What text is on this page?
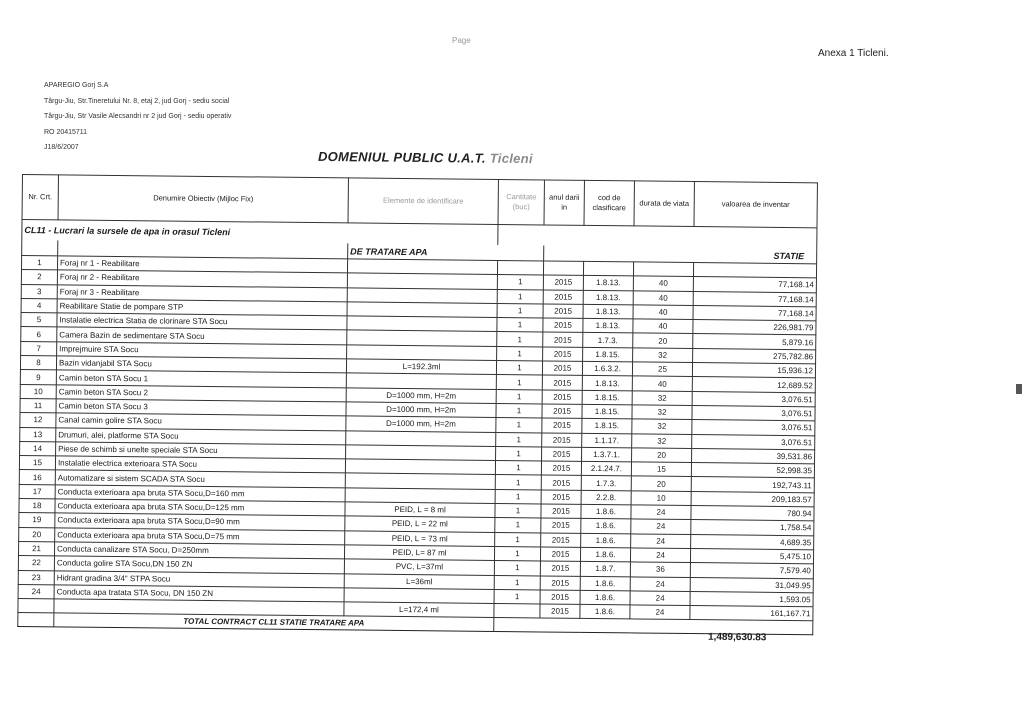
Page
Anexa 1 Ticleni.
APAREGIO Gorj S.A
Târgu-Jiu, Str.Tineretului Nr. 8, etaj 2, jud Gorj - sediu social
Târgu-Jiu, Str Vasile Alecsandri nr 2 jud Gorj - sediu operativ
RO 20415711
J18/6/2007
DOMENIUL PUBLIC U.A.T. Ticleni
Nr. Crt.	Denumire Obiectiv (Mijloc Fix)	Elemente de identificare	Cantitate (buc)	anul darii in	cod de clasificare	durata de viata	valoarea de inventar
CL11 - Lucrari la sursele de apa in orasul Ticleni							
		DE TRATARE APA		STATIE			
1	Foraj nr 1 - Reabilitare						
2	Foraj nr 2 - Reabilitare		1	2015	1.8.13.	40	77,168.14
3	Foraj nr 3 - Reabilitare		1	2015	1.8.13.	40	77,168.14
4	Reabilitare Statie de pompare STP		1	2015	1.8.13.	40	77,168.14
5	Instalatie electrica Statia de clorinare STA Socu		1	2015	1.8.13.	40	226,981.79
6	Camera Bazin de sedimentare STA Socu		1	2015	1.7.3.	20	5,879.16
7	Imprejmuire STA Socu		1	2015	1.8.15.	32	275,782.86
8	Bazin vidanjabil STA Socu	L=192.3ml	1	2015	1.6.3.2.	25	15,936.12
9	Camin beton STA Socu 1		1	2015	1.8.13.	40	12,689.52
10	Camin beton STA Socu 2	D=1000 mm, H=2m	1	2015	1.8.15.	32	3,076.51
11	Camin beton STA Socu 3	D=1000 mm, H=2m	1	2015	1.8.15.	32	3,076.51
12	Canal camin golire STA Socu	D=1000 mm, H=2m	1	2015	1.8.15.	32	3,076.51
13	Drumuri, alei, platforme STA Socu		1	2015	1.1.17.	32	3,076.51
14	Piese de schimb si unelte speciale STA Socu		1	2015	1.3.7.1.	20	39,531.86
15	Instalatie electrica exterioara STA Socu		1	2015	2.1.24.7.	15	52,998.35
16	Automatizare si sistem SCADA STA Socu		1	2015	1.7.3.	20	192,743.11
17	Conducta exterioara apa bruta STA Socu,D=160 mm		1	2015	2.2.8.	10	209,183.57
18	Conducta exterioara apa bruta STA Socu,D=125 mm	PEID, L = 8 ml	1	2015	1.8.6.	24	780.94
19	Conducta exterioara apa bruta STA Socu,D=90 mm	PEID, L = 22 ml	1	2015	1.8.6.	24	1,758.54
20	Conducta exterioara apa bruta STA Socu,D=75 mm	PEID, L = 73 ml	1	2015	1.8.6.	24	4,689.35
21	Conducta canalizare STA Socu, D=250mm	PEID, L= 87 ml	1	2015	1.8.6.	24	5,475.10
22	Conducta golire STA Socu,DN 150 ZN	PVC, L=37ml	1	2015	1.8.7.	36	7,579.40
23	Hidrant gradina 3/4" STPA Socu	L=36ml	1	2015	1.8.6.	24	31,049.95
24	Conducta apa tratata STA Socu, DN 150 ZN		1	2015	1.8.6.	24	1,593.05
		L=172,4 ml		2015	1.8.6.	24	161,167.71
	TOTAL CONTRACT CL11 STATIE TRATARE APA						
1,489,630.83
